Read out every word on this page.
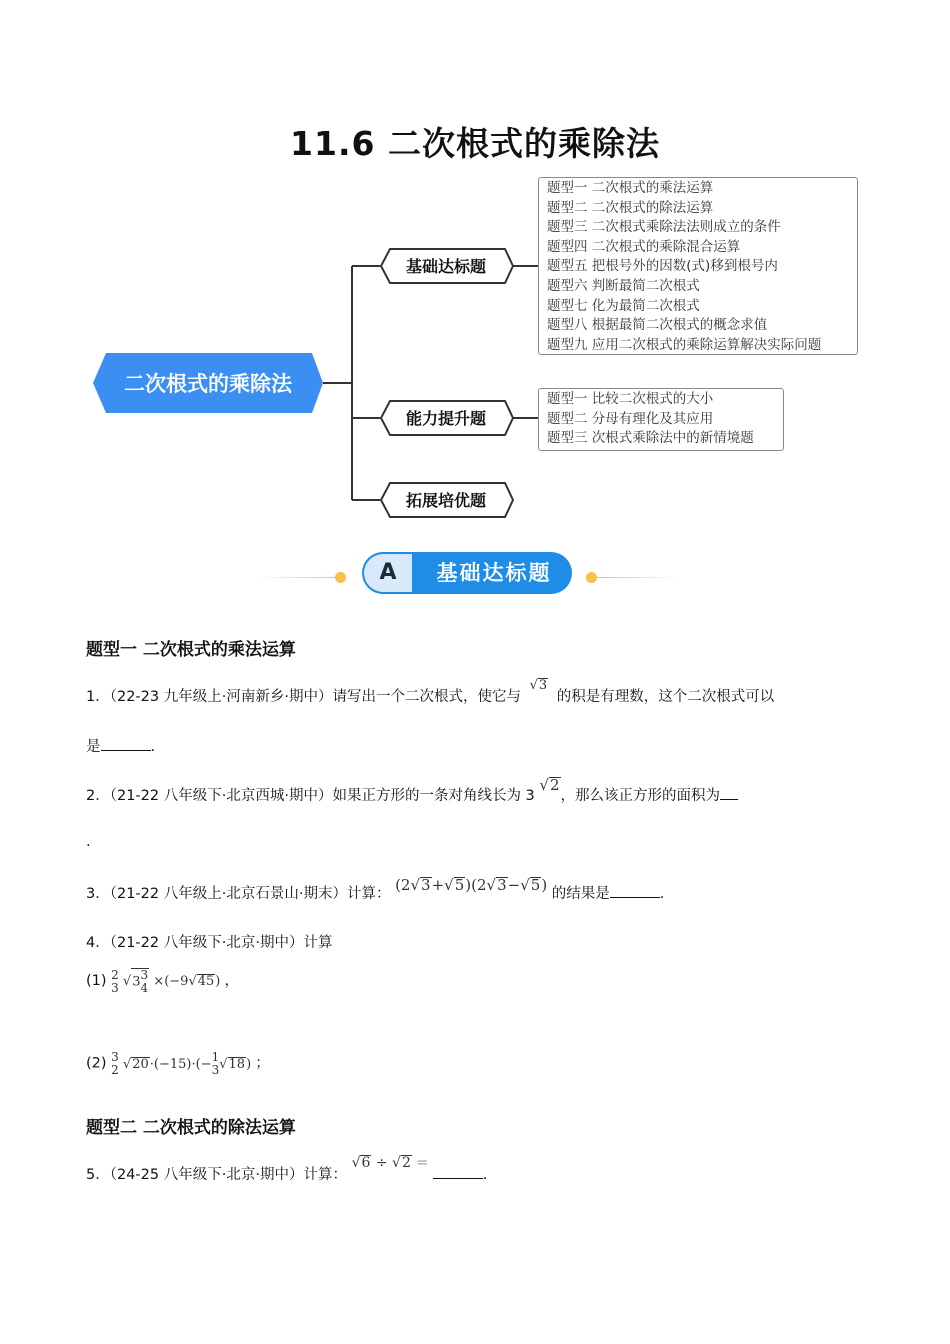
11.6 二次根式的乘除法
二次根式的乘除法
基础达标题
能力提升题
拓展培优题
题型一 二次根式的乘法运算
题型二 二次根式的除法运算
题型三 二次根式乘除法法则成立的条件
题型四 二次根式的乘除混合运算
题型五 把根号外的因数(式)移到根号内
题型六 判断最简二次根式
题型七 化为最简二次根式
题型八 根据最简二次根式的概念求值
题型九 应用二次根式的乘除运算解决实际问题
题型一 比较二次根式的大小
题型二 分母有理化及其应用
题型三 次根式乘除法中的新情境题
A	基础达标题
题型一 二次根式的乘法运算
1．（22-23 九年级上·河南新乡·期中）请写出一个二次根式，使它与 √3 的积是有理数，这个二次根式可以
是	.
2．（21-22 八年级下·北京西城·期中）如果正方形的一条对角线长为 3 √2，那么该正方形的面积为
.
3．（21-22 八年级上·北京石景山·期末）计算： (2√3+√5)(2√3−√5) 的结果是	.
4．（21-22 八年级下·北京·期中）计算
(1) 2
3 √3 3
4 ×(−9√45) ，
(2) 3
2 √20·(−15)·(− 1
3 √18) ；
题型二 二次根式的除法运算
5．（24-25 八年级下·北京·期中）计算： √6 ÷ √2 = .
